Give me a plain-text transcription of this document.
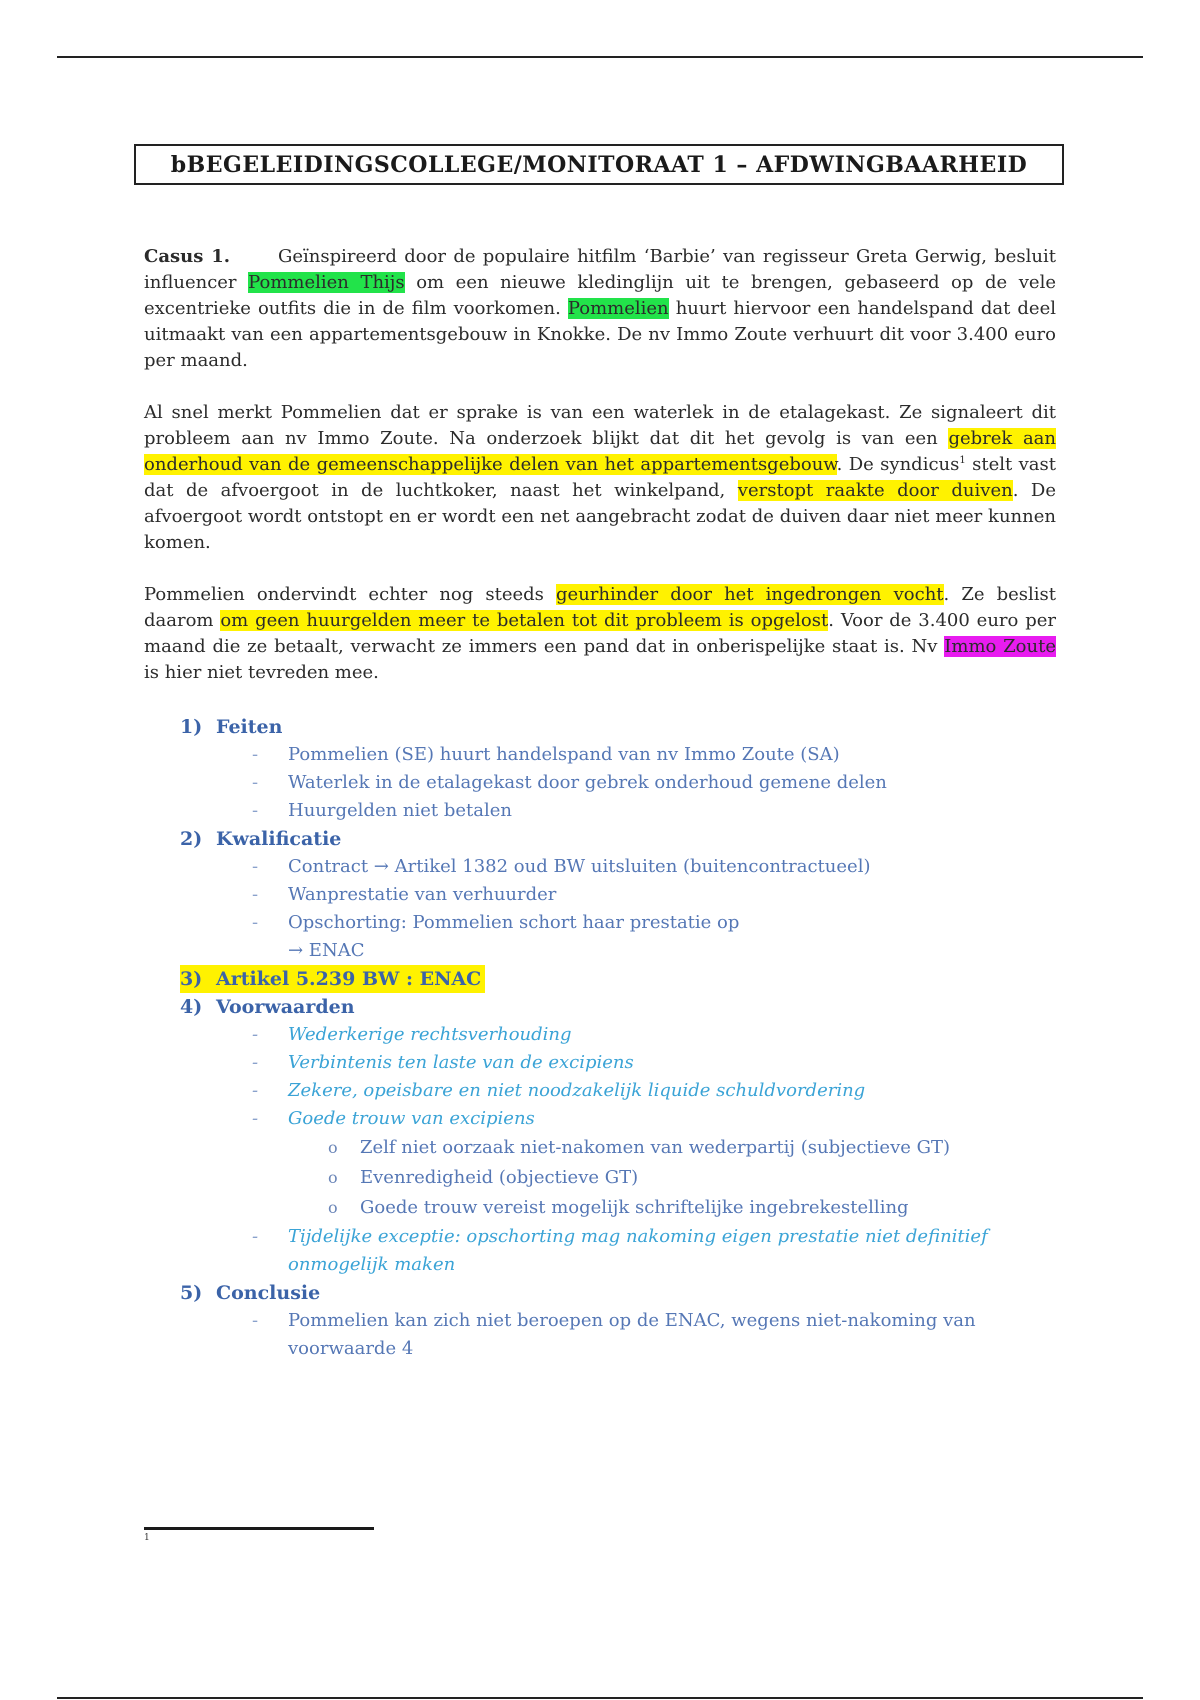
bBEGELEIDINGSCOLLEGE/MONITORAAT 1 – AFDWINGBAARHEID
Casus 1.	Geïnspireerd door de populaire hitfilm ‘Barbie’ van regisseur Greta Gerwig, besluit influencer Pommelien Thijs om een nieuwe kledinglijn uit te brengen, gebaseerd op de vele excentrieke outfits die in de film voorkomen. Pommelien huurt hiervoor een handelspand dat deel uitmaakt van een appartementsgebouw in Knokke. De nv Immo Zoute verhuurt dit voor 3.400 euro per maand.
Al snel merkt Pommelien dat er sprake is van een waterlek in de etalagekast. Ze signaleert dit probleem aan nv Immo Zoute. Na onderzoek blijkt dat dit het gevolg is van een gebrek aan onderhoud van de gemeenschappelijke delen van het appartementsgebouw. De syndicus$^1$ stelt vast dat de afvoergoot in de luchtkoker, naast het winkelpand, verstopt raakte door duiven. De afvoergoot wordt ontstopt en er wordt een net aangebracht zodat de duiven daar niet meer kunnen komen.
Pommelien ondervindt echter nog steeds geurhinder door het ingedrongen vocht. Ze beslist daarom om geen huurgelden meer te betalen tot dit probleem is opgelost. Voor de 3.400 euro per maand die ze betaalt, verwacht ze immers een pand dat in onberispelijke staat is. Nv Immo Zoute is hier niet tevreden mee.
1) Feiten
- Pommelien (SE) huurt handelspand van nv Immo Zoute (SA)
- Waterlek in de etalagekast door gebrek onderhoud gemene delen
- Huurgelden niet betalen
2) Kwalificatie
- Contract → Artikel 1382 oud BW uitsluiten (buitencontractueel)
- Wanprestatie van verhuurder
- Opschorting: Pommelien schort haar prestatie op
→ ENAC
3) Artikel 5.239 BW : ENAC
4) Voorwaarden
- Wederkerige rechtsverhouding
- Verbintenis ten laste van de excipiens
- Zekere, opeisbare en niet noodzakelijk liquide schuldvordering
- Goede trouw van excipiens
o Zelf niet oorzaak niet-nakomen van wederpartij (subjectieve GT)
o Evenredigheid (objectieve GT)
o Goede trouw vereist mogelijk schriftelijke ingebrekestelling
- Tijdelijke exceptie: opschorting mag nakoming eigen prestatie niet definitief
onmogelijk maken
5) Conclusie
- Pommelien kan zich niet beroepen op de ENAC, wegens niet-nakoming van
voorwaarde 4
1
